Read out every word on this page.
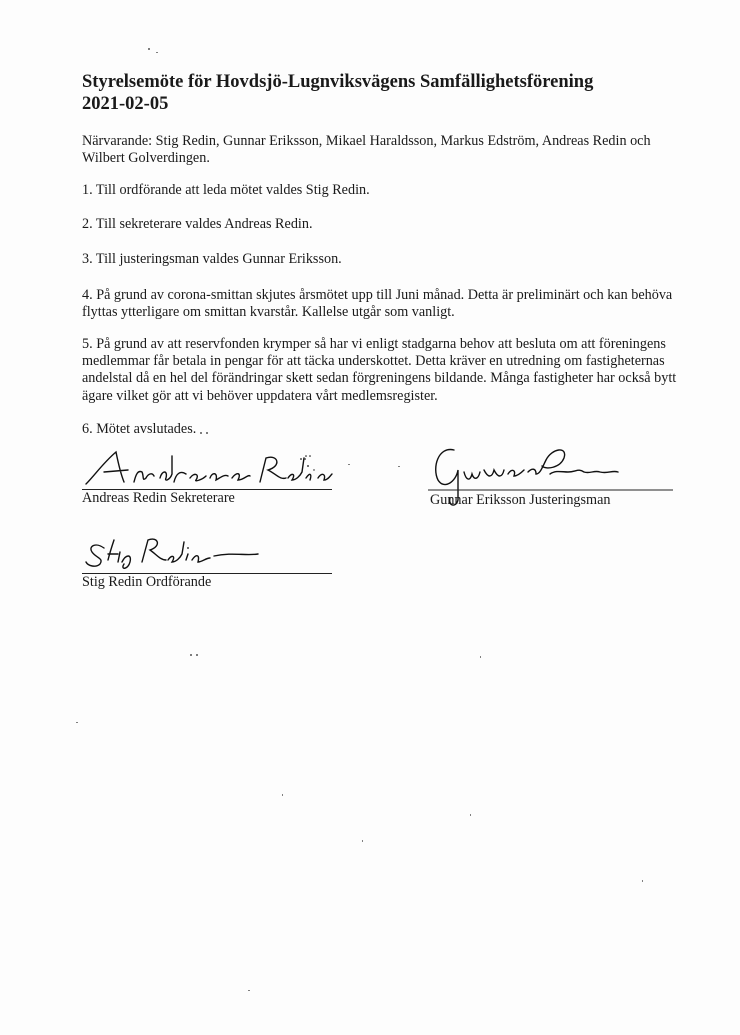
Styrelsemöte för Hovdsjö-Lugnviksvägens Samfällighetsförening
2021-02-05

Närvarande: Stig Redin, Gunnar Eriksson, Mikael Haraldsson, Markus Edström, Andreas Redin och Wilbert Golverdingen.

1. Till ordförande att leda mötet valdes Stig Redin.

2. Till sekreterare valdes Andreas Redin.

3. Till justeringsman valdes Gunnar Eriksson.

4. På grund av corona-smittan skjutes årsmötet upp till Juni månad. Detta är preliminärt och kan behöva flyttas ytterligare om smittan kvarstår. Kallelse utgår som vanligt.

5. På grund av att reservfonden krymper så har vi enligt stadgarna behov att besluta om att föreningens medlemmar får betala in pengar för att täcka underskottet. Detta kräver en utredning om fastigheternas andelstal då en hel del förändringar skett sedan förgreningens bildande. Många fastigheter har också bytt ägare vilket gör att vi behöver uppdatera vårt medlemsregister.

6. Mötet avslutades.

Andreas Redin Sekreterare	Gunnar Eriksson Justeringsman
Stig Redin Ordförande
